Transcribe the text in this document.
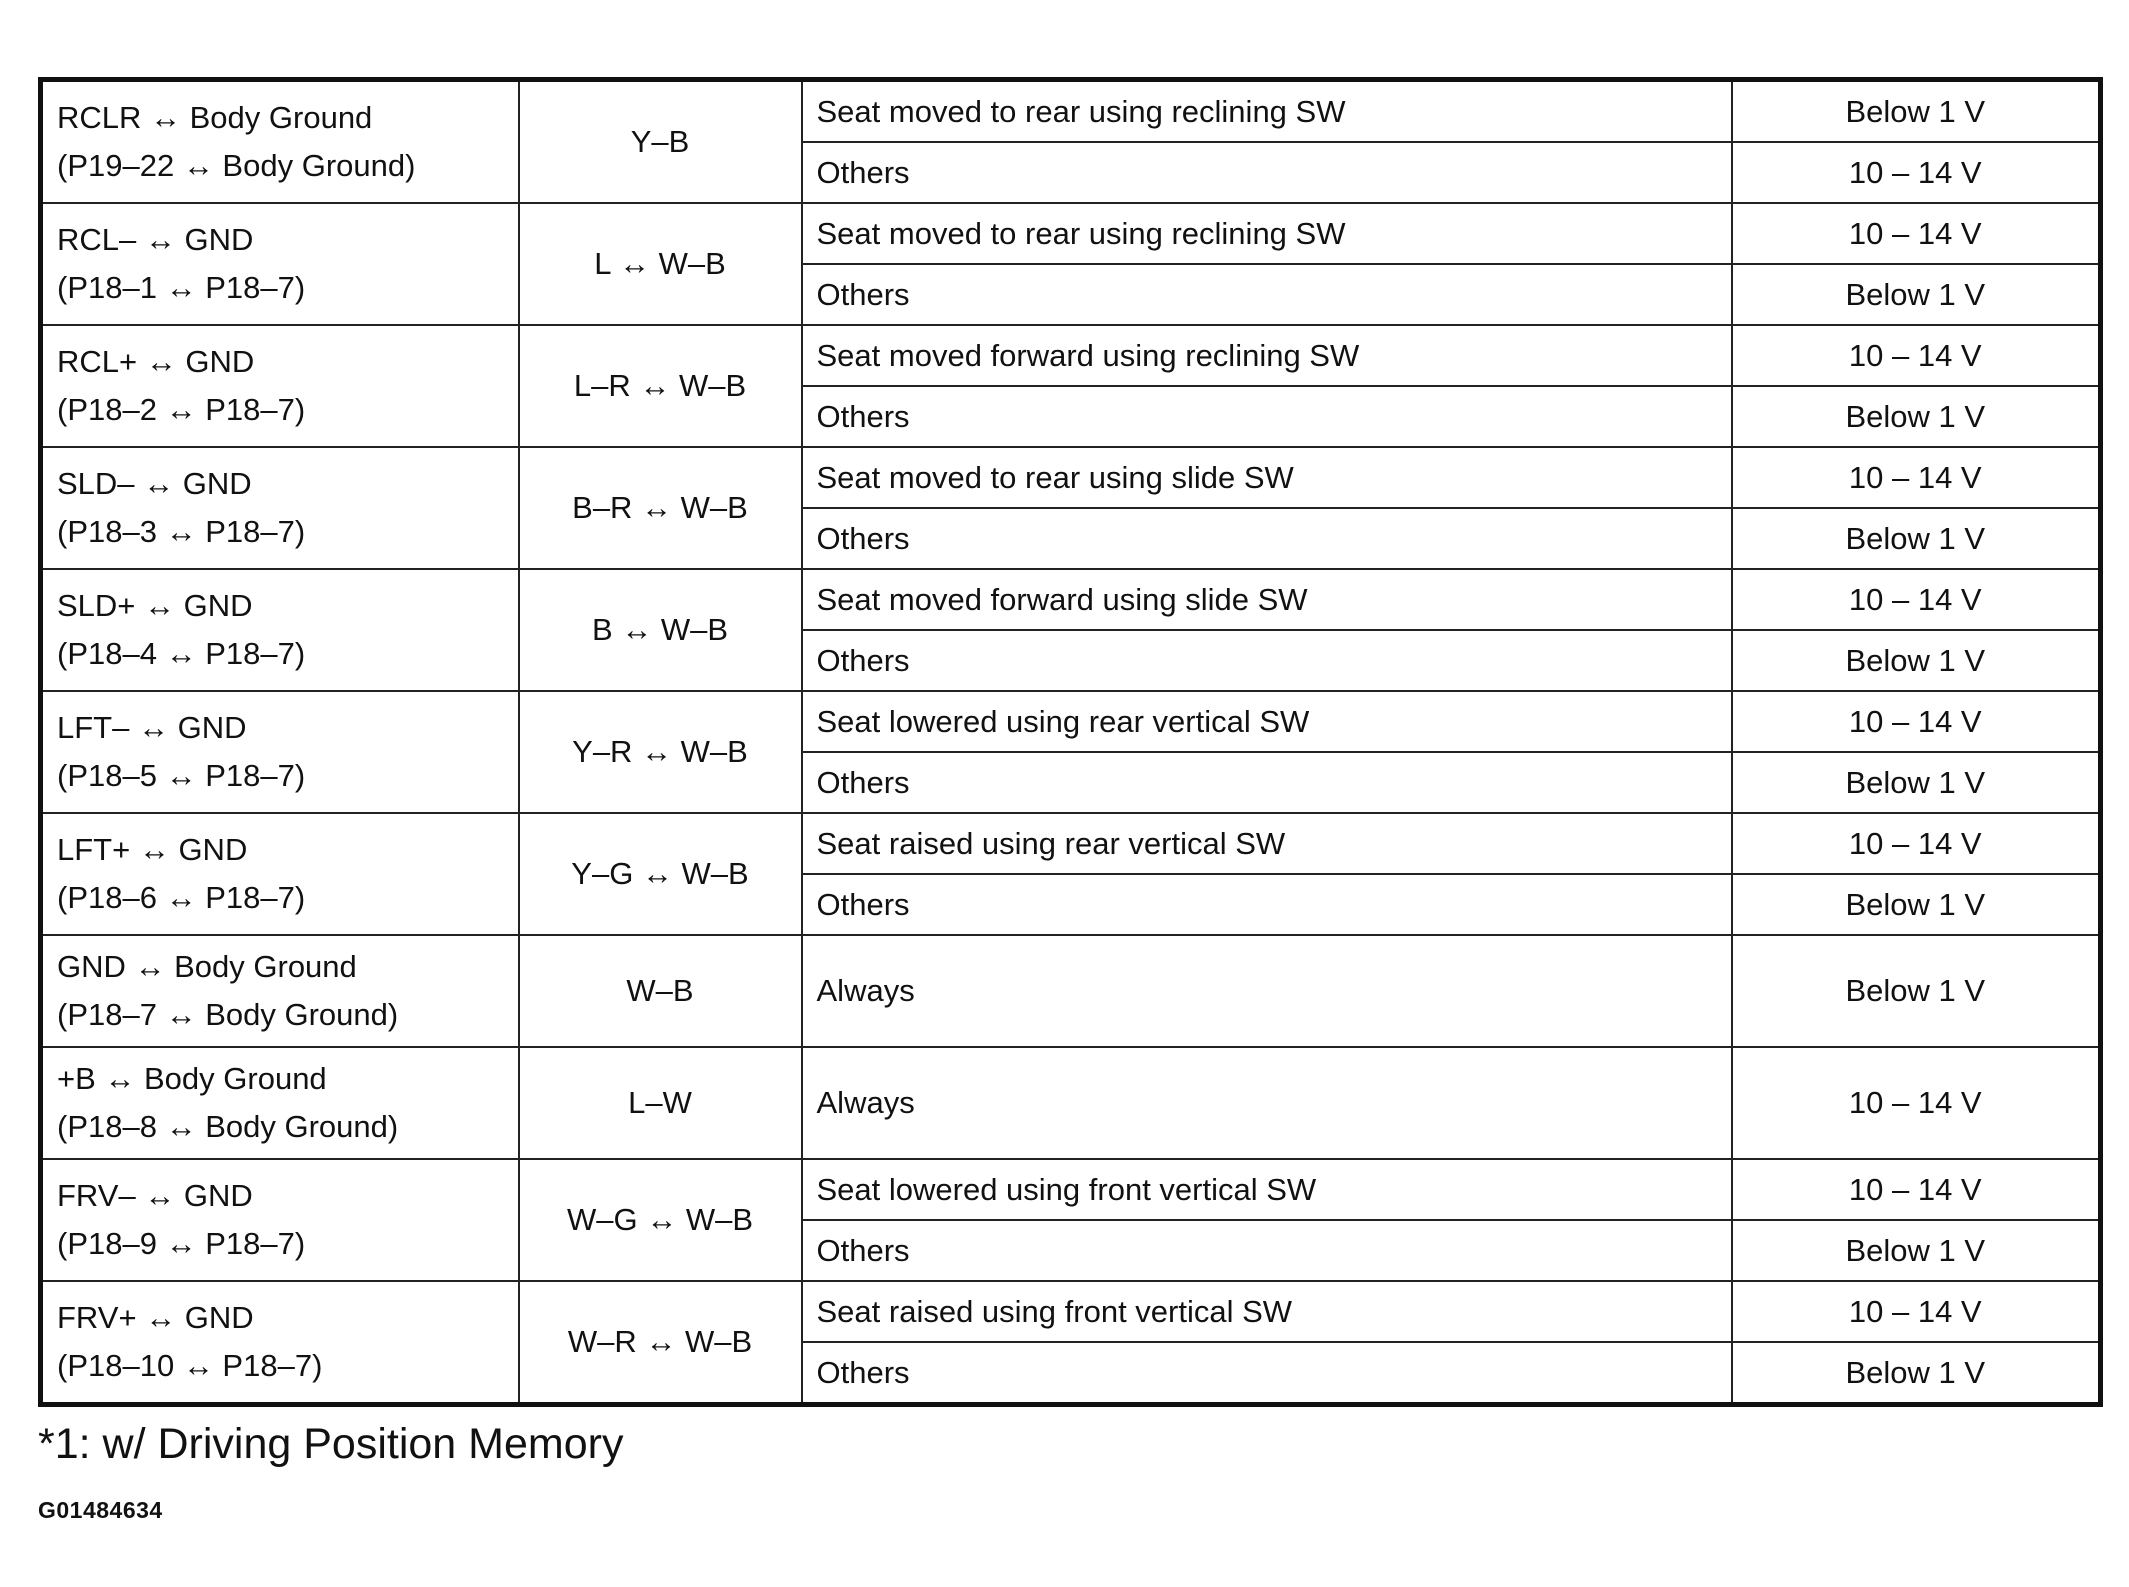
RCLR ↔ Body Ground
(P19–22 ↔ Body Ground)	Y–B	Seat moved to rear using reclining SW	Below 1 V
		Others	10 – 14 V

RCL– ↔ GND
(P18–1 ↔ P18–7)	L ↔ W–B	Seat moved to rear using reclining SW	10 – 14 V
		Others	Below 1 V

RCL+ ↔ GND
(P18–2 ↔ P18–7)	L–R ↔ W–B	Seat moved forward using reclining SW	10 – 14 V
		Others	Below 1 V

SLD– ↔ GND
(P18–3 ↔ P18–7)	B–R ↔ W–B	Seat moved to rear using slide SW	10 – 14 V
		Others	Below 1 V

SLD+ ↔ GND
(P18–4 ↔ P18–7)	B ↔ W–B	Seat moved forward using slide SW	10 – 14 V
		Others	Below 1 V

LFT– ↔ GND
(P18–5 ↔ P18–7)	Y–R ↔ W–B	Seat lowered using rear vertical SW	10 – 14 V
		Others	Below 1 V

LFT+ ↔ GND
(P18–6 ↔ P18–7)	Y–G ↔ W–B	Seat raised using rear vertical SW	10 – 14 V
		Others	Below 1 V

GND ↔ Body Ground
(P18–7 ↔ Body Ground)	W–B	Always	Below 1 V

+B ↔ Body Ground
(P18–8 ↔ Body Ground)	L–W	Always	10 – 14 V

FRV– ↔ GND
(P18–9 ↔ P18–7)	W–G ↔ W–B	Seat lowered using front vertical SW	10 – 14 V
		Others	Below 1 V

FRV+ ↔ GND
(P18–10 ↔ P18–7)	W–R ↔ W–B	Seat raised using front vertical SW	10 – 14 V
		Others	Below 1 V
*1: w/ Driving Position Memory
G01484634
